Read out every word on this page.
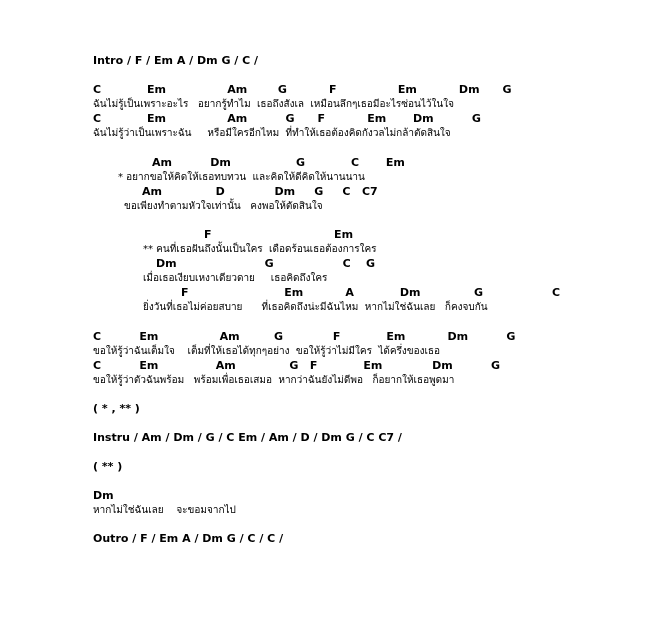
Intro / F / Em A / Dm G / C /
C            Em                Am        G           F                Em           Dm      G
ฉันไม่รู้เป็นเพราะอะไร   อยากรู้ทำไม  เธอถึงสังเล  เหมือนลึกๆเธอมีอะไรซ่อนไว้ในใจ
C            Em                Am          G      F           Em       Dm          G
ฉันไม่รู้ว่าเป็นเพราะฉัน     หรือมีใครอีกไหม  ที่ทำให้เธอต้องคิดกังวลไม่กล้าตัดสินใจ
Am          Dm                 G            C       Em
* อยากขอให้คิดให้เธอทบทวน  และคิดให้ดีคิดให้นานนาน
Am              D             Dm     G     C   C7
ขอเพียงทำตามหัวใจเท่านั้น   คงพอให้ตัดสินใจ
F                                Em
** คนที่เธอฝันถึงนั้นเป็นใคร  เดือดร้อนเธอต้องการใคร
Dm                       G                  C    G
เมื่อเธอเงียบเหงาเดียวดาย     เธอคิดถึงใคร
F                         Em           A            Dm              G                  C
ยิ่งวันที่เธอไม่ค่อยสบาย      ที่เธอคิดถึงน่ะมีฉันไหม  หากไม่ใช่ฉันเลย   ก็คงจบกัน
C          Em                Am         G             F            Em           Dm          G
ขอให้รู้ว่าฉันเต็มใจ    เต็มที่ให้เธอได้ทุกๆอย่าง  ขอให้รู้ว่าไม่มีใคร  ได้ครึ่งของเธอ
C          Em               Am              G   F            Em             Dm          G
ขอให้รู้ว่าตัวฉันพร้อม   พร้อมเพื่อเธอเสมอ  หากว่าฉันยังไม่ดีพอ   ก็อยากให้เธอพูดมา
( * , ** )
Instru / Am / Dm / G / C Em / Am / D / Dm G / C C7 /
( ** )
Dm
หากไม่ใช่ฉันเลย    จะขอมจากไป
Outro / F / Em A / Dm G / C / C /
